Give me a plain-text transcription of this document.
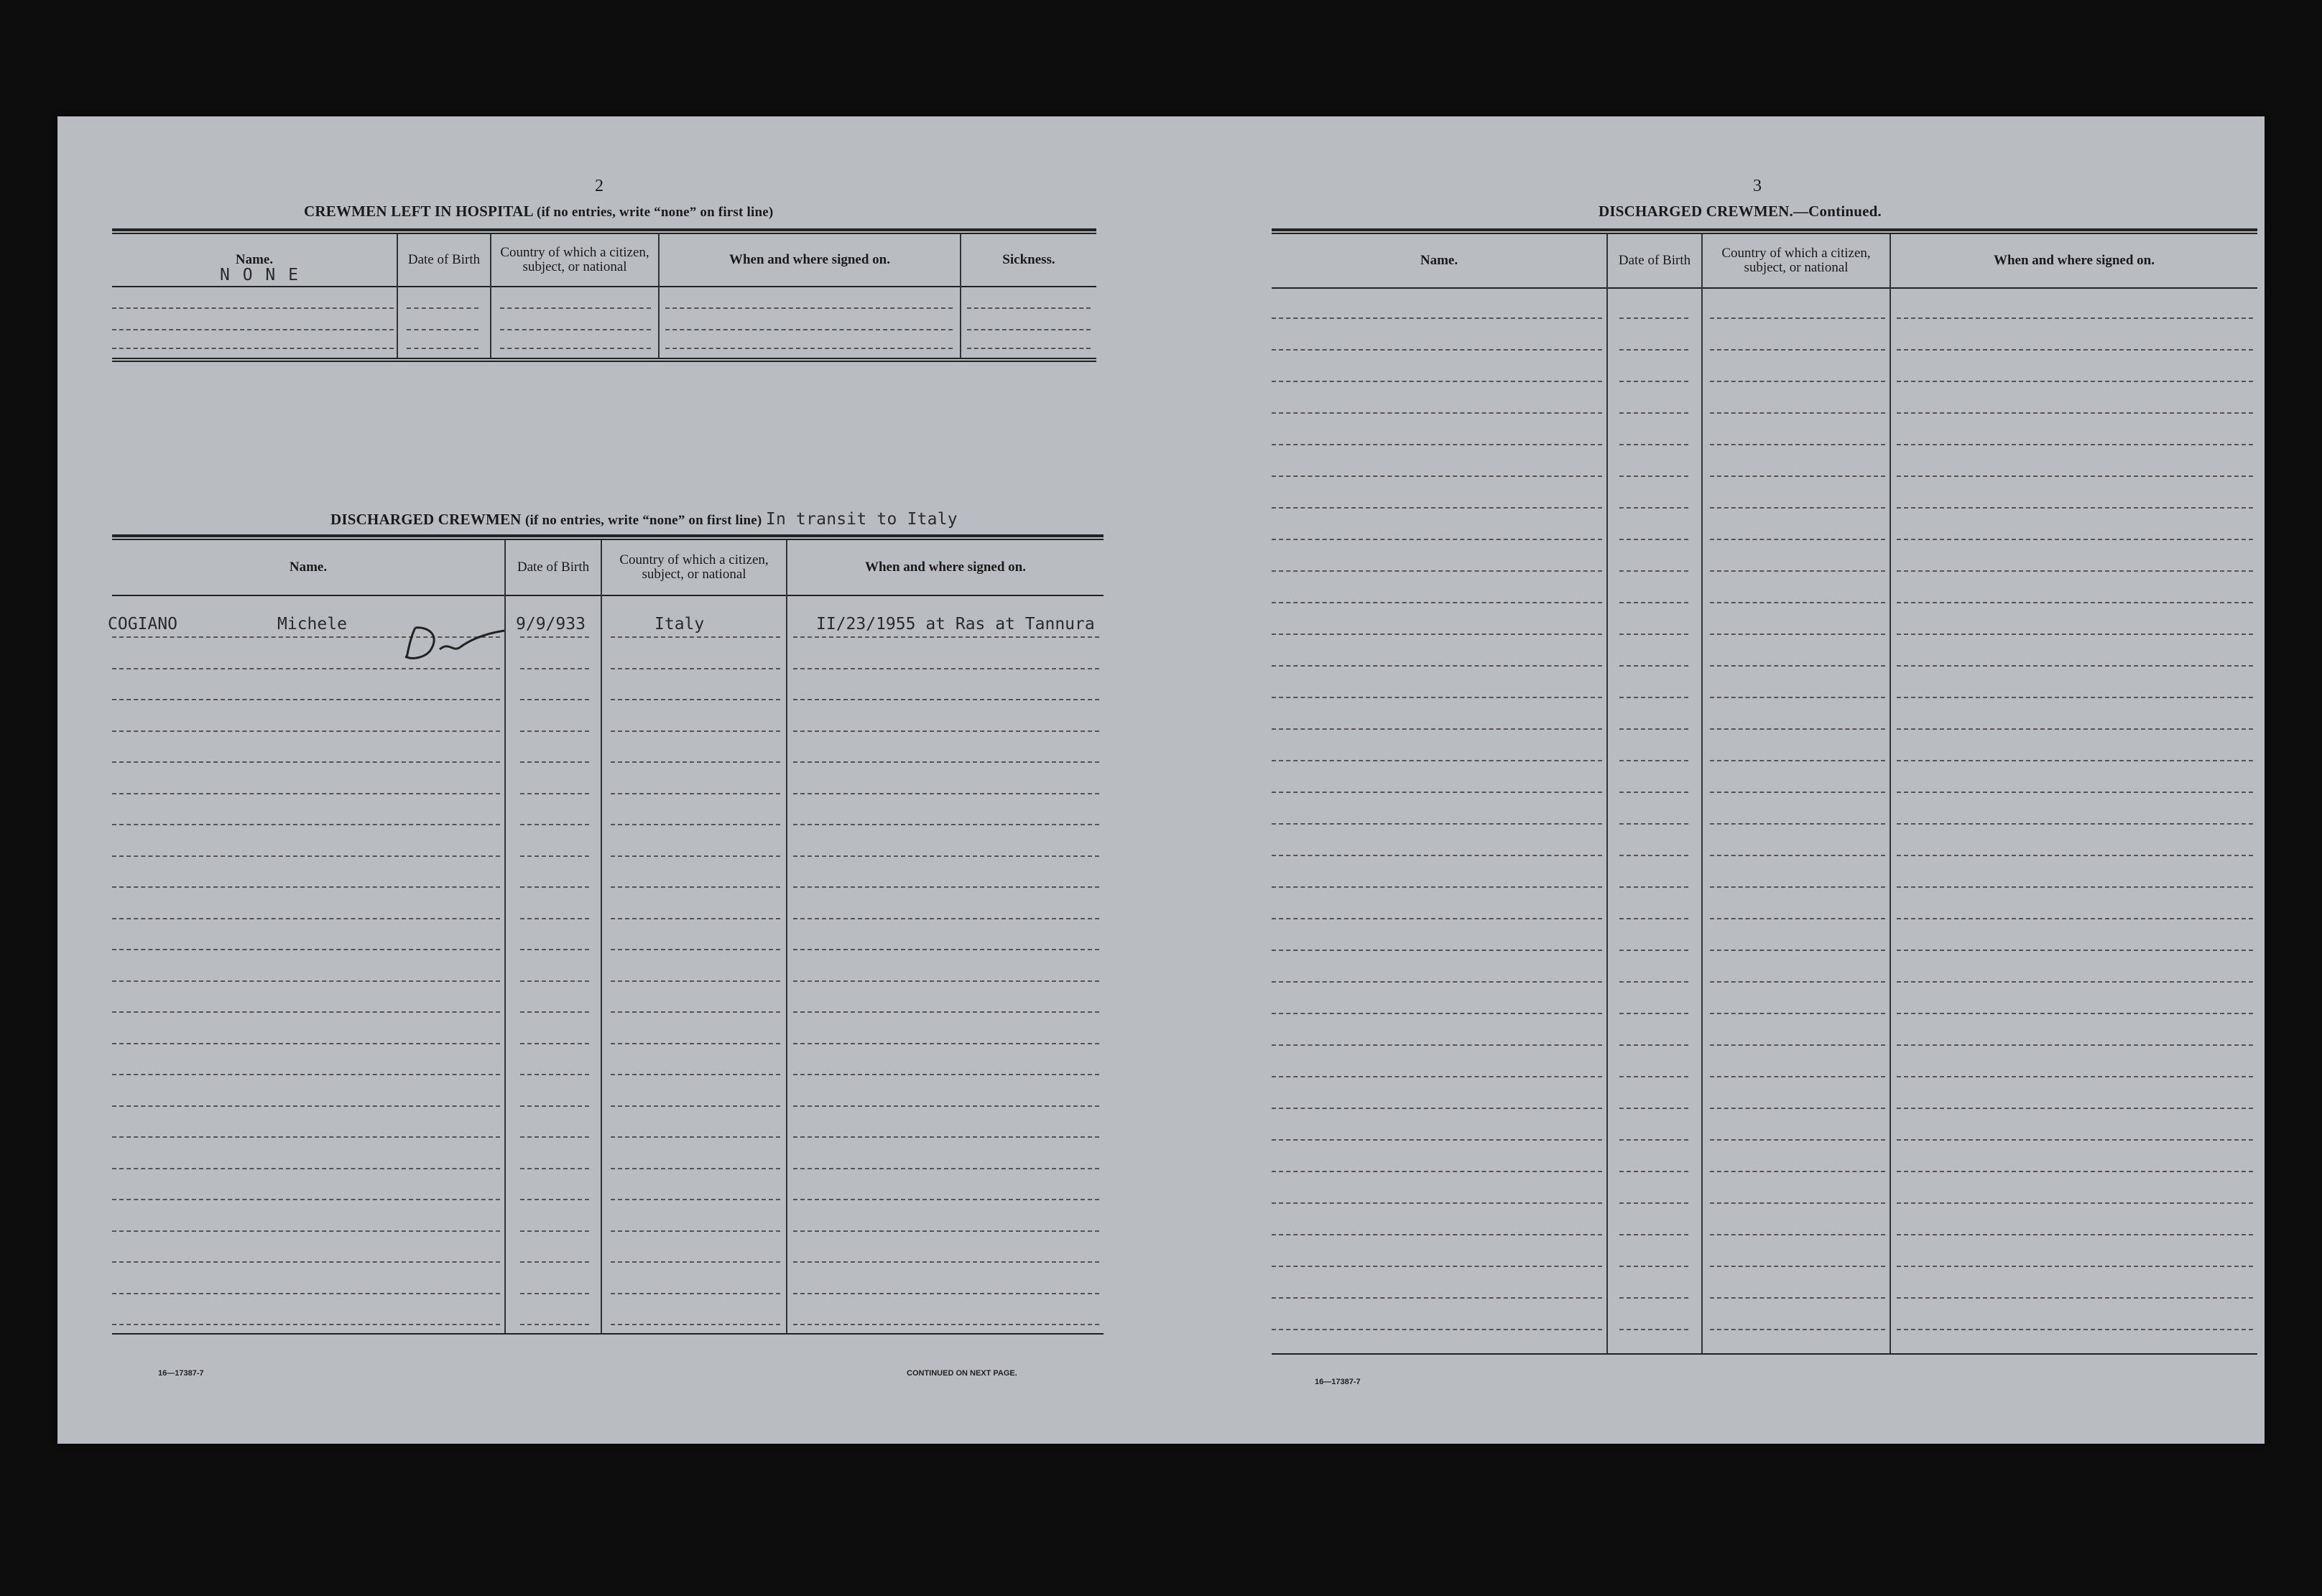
2
CREWMEN LEFT IN HOSPITAL (if no entries, write “none” on first line)
Name.	Date of Birth	Country of which a citizen, subject, or national	When and where signed on.	Sickness.
N O N E
DISCHARGED CREWMEN (if no entries, write “none” on first line) In transit to Italy
Name.	Date of Birth	Country of which a citizen, subject, or national	When and where signed on.
COGIANO	Michele	9/9/933	Italy	II/23/1955 at Ras at Tannura
16—17387-7	CONTINUED ON NEXT PAGE.
3
DISCHARGED CREWMEN.—Continued.
Name.	Date of Birth	Country of which a citizen, subject, or national	When and where signed on.
16—17387-7
